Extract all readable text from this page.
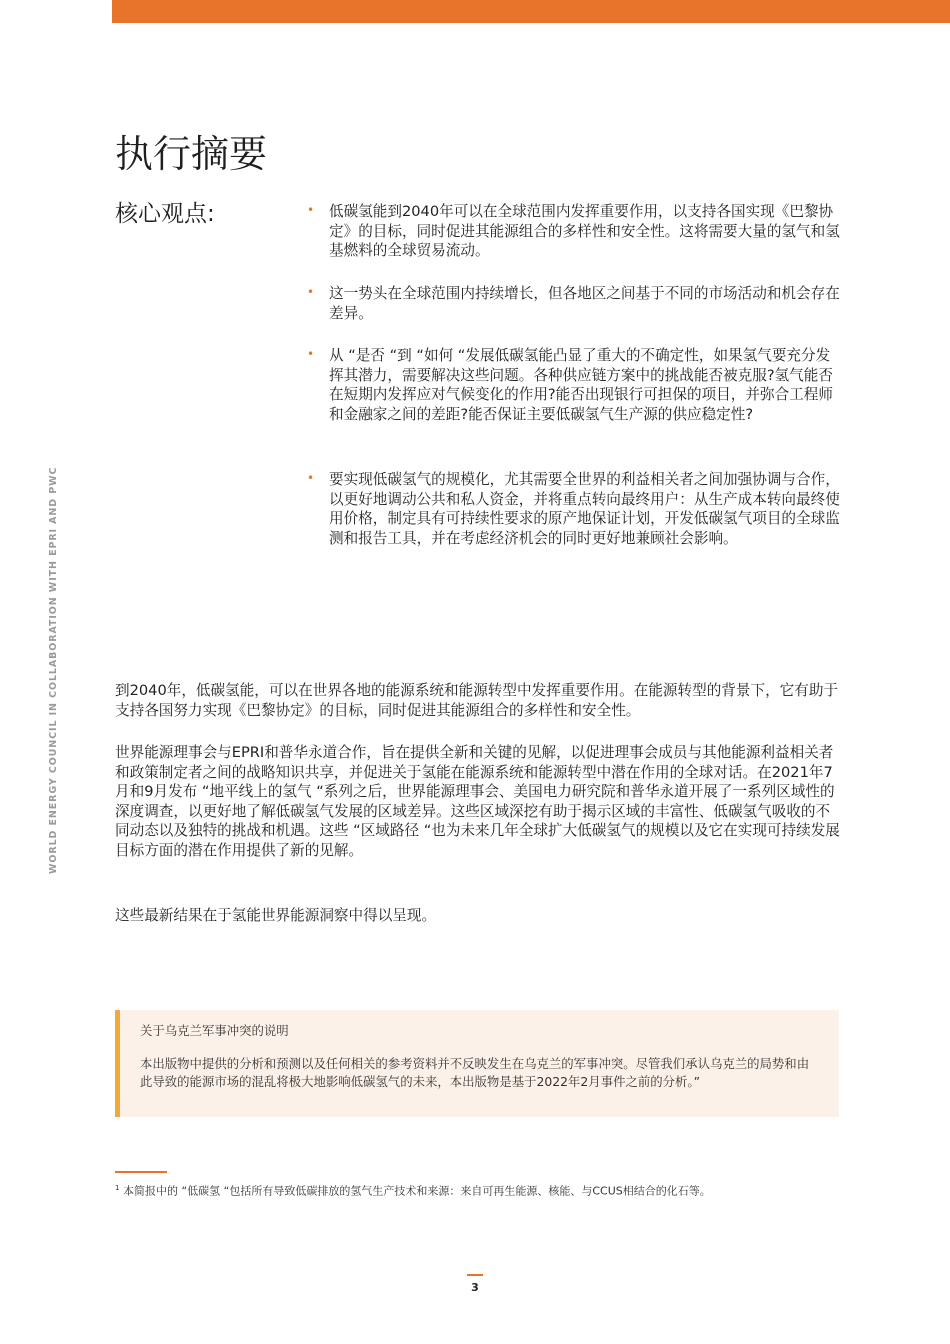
WORLD ENERGY COUNCIL IN COLLABORATION WITH EPRI AND PWC
执行摘要
核心观点:	• 低碳氢能到2040年可以在全球范围内发挥重要作用，以支持各国实现《巴黎协定》的目标，同时促进其能源组合的多样性和安全性。这将需要大量的氢气和氢基燃料的全球贸易流动。
• 这一势头在全球范围内持续增长，但各地区之间基于不同的市场活动和机会存在差异。
• 从 “是否 “到 “如何 “发展低碳氢能凸显了重大的不确定性，如果氢气要充分发挥其潜力，需要解决这些问题。各种供应链方案中的挑战能否被克服?氢气能否在短期内发挥应对气候变化的作用?能否出现银行可担保的项目，并弥合工程师和金融家之间的差距?能否保证主要低碳氢气生产源的供应稳定性?
• 要实现低碳氢气的规模化，尤其需要全世界的利益相关者之间加强协调与合作，以更好地调动公共和私人资金，并将重点转向最终用户：从生产成本转向最终使用价格，制定具有可持续性要求的原产地保证计划，开发低碳氢气项目的全球监测和报告工具，并在考虑经济机会的同时更好地兼顾社会影响。

到2040年，低碳氢能，可以在世界各地的能源系统和能源转型中发挥重要作用。在能源转型的背景下，它有助于支持各国努力实现《巴黎协定》的目标，同时促进其能源组合的多样性和安全性。

世界能源理事会与EPRI和普华永道合作，旨在提供全新和关键的见解，以促进理事会成员与其他能源利益相关者和政策制定者之间的战略知识共享，并促进关于氢能在能源系统和能源转型中潜在作用的全球对话。在2021年7月和9月发布 “地平线上的氢气 “系列之后，世界能源理事会、美国电力研究院和普华永道开展了一系列区域性的深度调查，以更好地了解低碳氢气发展的区域差异。这些区域深挖有助于揭示区域的丰富性、低碳氢气吸收的不同动态以及独特的挑战和机遇。这些 “区域路径 “也为未来几年全球扩大低碳氢气的规模以及它在实现可持续发展目标方面的潜在作用提供了新的见解。

这些最新结果在于氢能世界能源洞察中得以呈现。

关于乌克兰军事冲突的说明
本出版物中提供的分析和预测以及任何相关的参考资料并不反映发生在乌克兰的军事冲突。尽管我们承认乌克兰的局势和由此导致的能源市场的混乱将极大地影响低碳氢气的未来，本出版物是基于2022年2月事件之前的分析。”
$^1$ 本简报中的 “低碳氢 “包括所有导致低碳排放的氢气生产技术和来源：来自可再生能源、核能、与CCUS相结合的化石等。
3
